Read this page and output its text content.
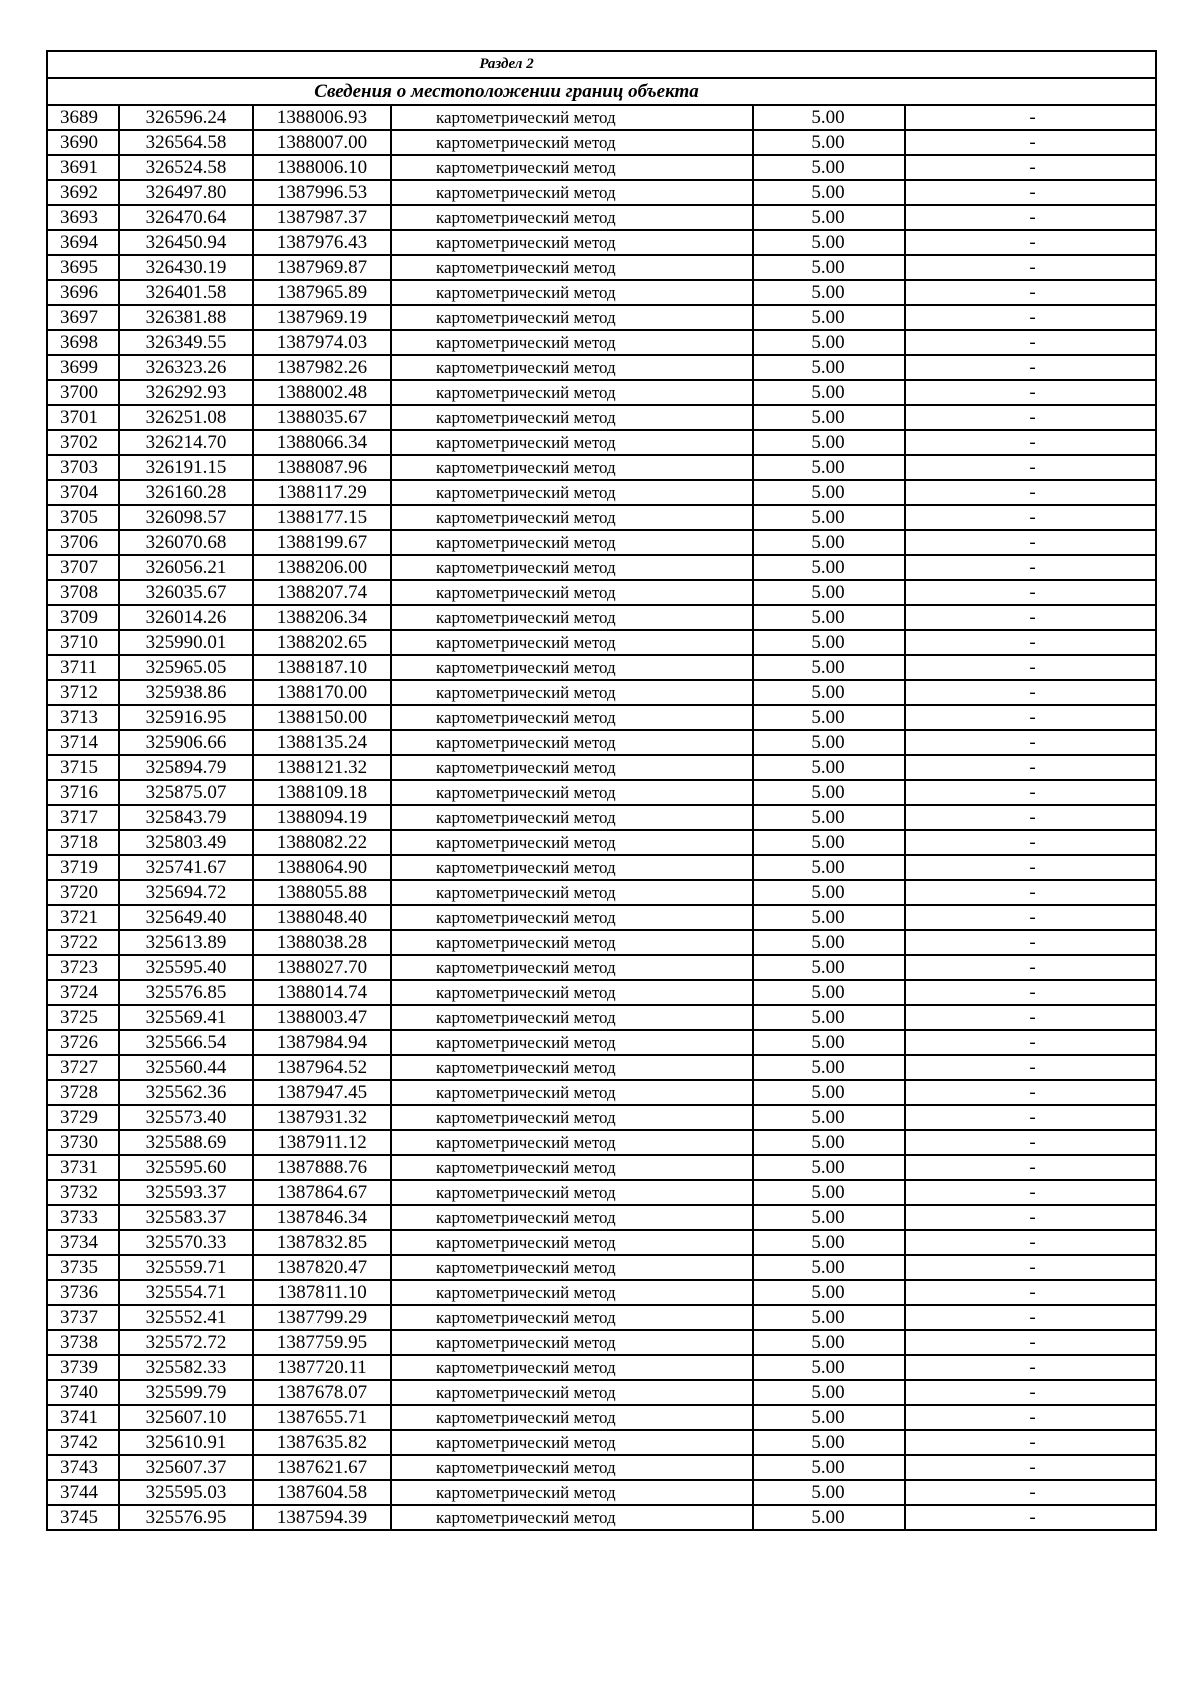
Раздел 2					
Сведения о местоположении границ объекта					
3689	326596.24	1388006.93	картометрический метод	5.00	-
3690	326564.58	1388007.00	картометрический метод	5.00	-
3691	326524.58	1388006.10	картометрический метод	5.00	-
3692	326497.80	1387996.53	картометрический метод	5.00	-
3693	326470.64	1387987.37	картометрический метод	5.00	-
3694	326450.94	1387976.43	картометрический метод	5.00	-
3695	326430.19	1387969.87	картометрический метод	5.00	-
3696	326401.58	1387965.89	картометрический метод	5.00	-
3697	326381.88	1387969.19	картометрический метод	5.00	-
3698	326349.55	1387974.03	картометрический метод	5.00	-
3699	326323.26	1387982.26	картометрический метод	5.00	-
3700	326292.93	1388002.48	картометрический метод	5.00	-
3701	326251.08	1388035.67	картометрический метод	5.00	-
3702	326214.70	1388066.34	картометрический метод	5.00	-
3703	326191.15	1388087.96	картометрический метод	5.00	-
3704	326160.28	1388117.29	картометрический метод	5.00	-
3705	326098.57	1388177.15	картометрический метод	5.00	-
3706	326070.68	1388199.67	картометрический метод	5.00	-
3707	326056.21	1388206.00	картометрический метод	5.00	-
3708	326035.67	1388207.74	картометрический метод	5.00	-
3709	326014.26	1388206.34	картометрический метод	5.00	-
3710	325990.01	1388202.65	картометрический метод	5.00	-
3711	325965.05	1388187.10	картометрический метод	5.00	-
3712	325938.86	1388170.00	картометрический метод	5.00	-
3713	325916.95	1388150.00	картометрический метод	5.00	-
3714	325906.66	1388135.24	картометрический метод	5.00	-
3715	325894.79	1388121.32	картометрический метод	5.00	-
3716	325875.07	1388109.18	картометрический метод	5.00	-
3717	325843.79	1388094.19	картометрический метод	5.00	-
3718	325803.49	1388082.22	картометрический метод	5.00	-
3719	325741.67	1388064.90	картометрический метод	5.00	-
3720	325694.72	1388055.88	картометрический метод	5.00	-
3721	325649.40	1388048.40	картометрический метод	5.00	-
3722	325613.89	1388038.28	картометрический метод	5.00	-
3723	325595.40	1388027.70	картометрический метод	5.00	-
3724	325576.85	1388014.74	картометрический метод	5.00	-
3725	325569.41	1388003.47	картометрический метод	5.00	-
3726	325566.54	1387984.94	картометрический метод	5.00	-
3727	325560.44	1387964.52	картометрический метод	5.00	-
3728	325562.36	1387947.45	картометрический метод	5.00	-
3729	325573.40	1387931.32	картометрический метод	5.00	-
3730	325588.69	1387911.12	картометрический метод	5.00	-
3731	325595.60	1387888.76	картометрический метод	5.00	-
3732	325593.37	1387864.67	картометрический метод	5.00	-
3733	325583.37	1387846.34	картометрический метод	5.00	-
3734	325570.33	1387832.85	картометрический метод	5.00	-
3735	325559.71	1387820.47	картометрический метод	5.00	-
3736	325554.71	1387811.10	картометрический метод	5.00	-
3737	325552.41	1387799.29	картометрический метод	5.00	-
3738	325572.72	1387759.95	картометрический метод	5.00	-
3739	325582.33	1387720.11	картометрический метод	5.00	-
3740	325599.79	1387678.07	картометрический метод	5.00	-
3741	325607.10	1387655.71	картометрический метод	5.00	-
3742	325610.91	1387635.82	картометрический метод	5.00	-
3743	325607.37	1387621.67	картометрический метод	5.00	-
3744	325595.03	1387604.58	картометрический метод	5.00	-
3745	325576.95	1387594.39	картометрический метод	5.00	-
